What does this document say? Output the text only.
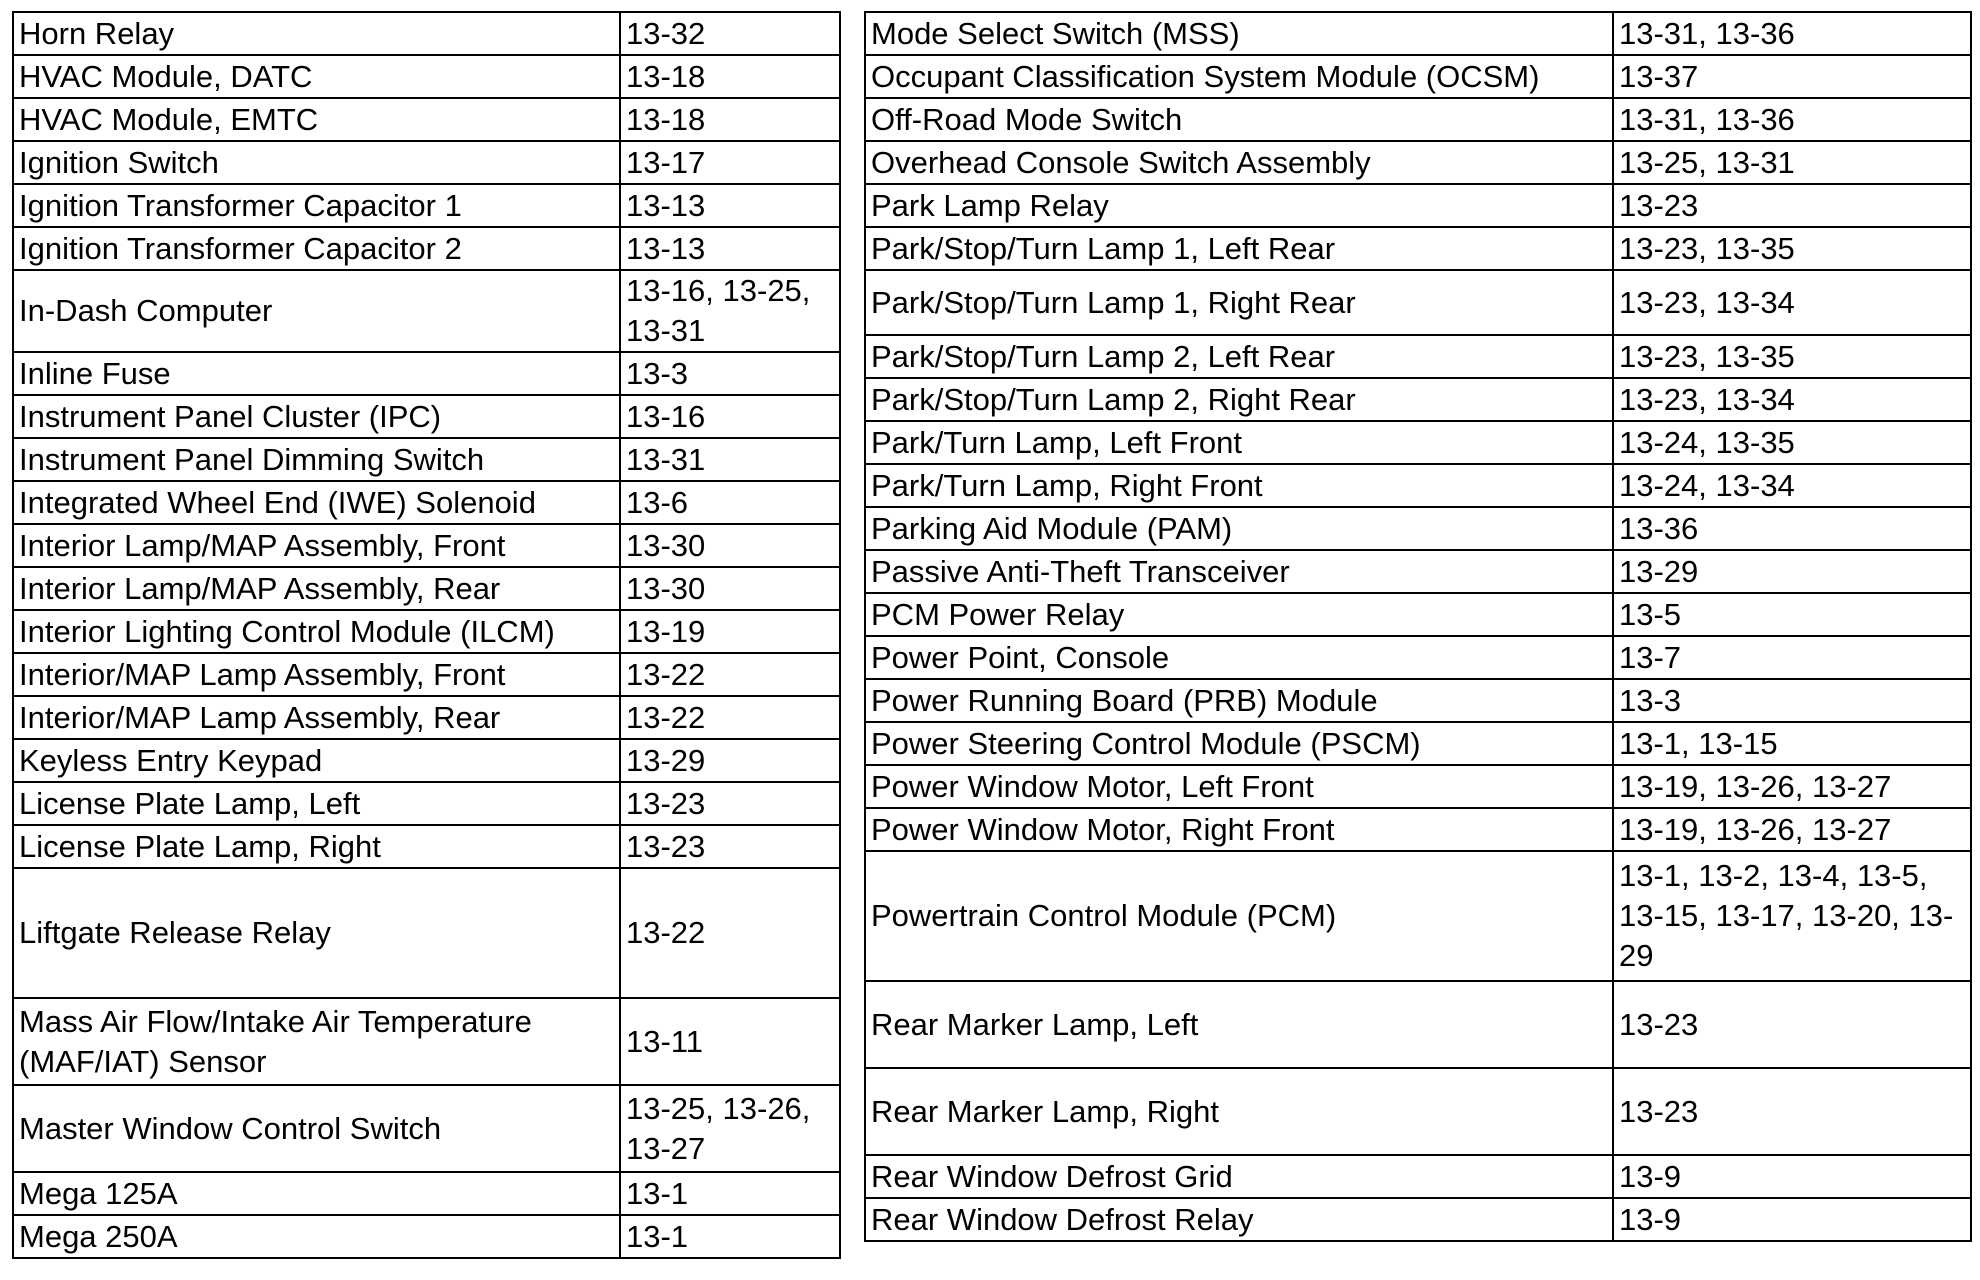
Horn Relay	13-32
HVAC Module, DATC	13-18
HVAC Module, EMTC	13-18
Ignition Switch	13-17
Ignition Transformer Capacitor 1	13-13
Ignition Transformer Capacitor 2	13-13
In-Dash Computer	13-16, 13-25, 13-31
Inline Fuse	13-3
Instrument Panel Cluster (IPC)	13-16
Instrument Panel Dimming Switch	13-31
Integrated Wheel End (IWE) Solenoid	13-6
Interior Lamp/MAP Assembly, Front	13-30
Interior Lamp/MAP Assembly, Rear	13-30
Interior Lighting Control Module (ILCM)	13-19
Interior/MAP Lamp Assembly, Front	13-22
Interior/MAP Lamp Assembly, Rear	13-22
Keyless Entry Keypad	13-29
License Plate Lamp, Left	13-23
License Plate Lamp, Right	13-23
Liftgate Release Relay	13-22
Mass Air Flow/Intake Air Temperature (MAF/IAT) Sensor	13-11
Master Window Control Switch	13-25, 13-26, 13-27
Mega 125A	13-1
Mega 250A	13-1
Mode Select Switch (MSS)	13-31, 13-36
Occupant Classification System Module (OCSM)	13-37
Off-Road Mode Switch	13-31, 13-36
Overhead Console Switch Assembly	13-25, 13-31
Park Lamp Relay	13-23
Park/Stop/Turn Lamp 1, Left Rear	13-23, 13-35
Park/Stop/Turn Lamp 1, Right Rear	13-23, 13-34
Park/Stop/Turn Lamp 2, Left Rear	13-23, 13-35
Park/Stop/Turn Lamp 2, Right Rear	13-23, 13-34
Park/Turn Lamp, Left Front	13-24, 13-35
Park/Turn Lamp, Right Front	13-24, 13-34
Parking Aid Module (PAM)	13-36
Passive Anti-Theft Transceiver	13-29
PCM Power Relay	13-5
Power Point, Console	13-7
Power Running Board (PRB) Module	13-3
Power Steering Control Module (PSCM)	13-1, 13-15
Power Window Motor, Left Front	13-19, 13-26, 13-27
Power Window Motor, Right Front	13-19, 13-26, 13-27
Powertrain Control Module (PCM)	13-1, 13-2, 13-4, 13-5, 13-15, 13-17, 13-20, 13-29
Rear Marker Lamp, Left	13-23
Rear Marker Lamp, Right	13-23
Rear Window Defrost Grid	13-9
Rear Window Defrost Relay	13-9
